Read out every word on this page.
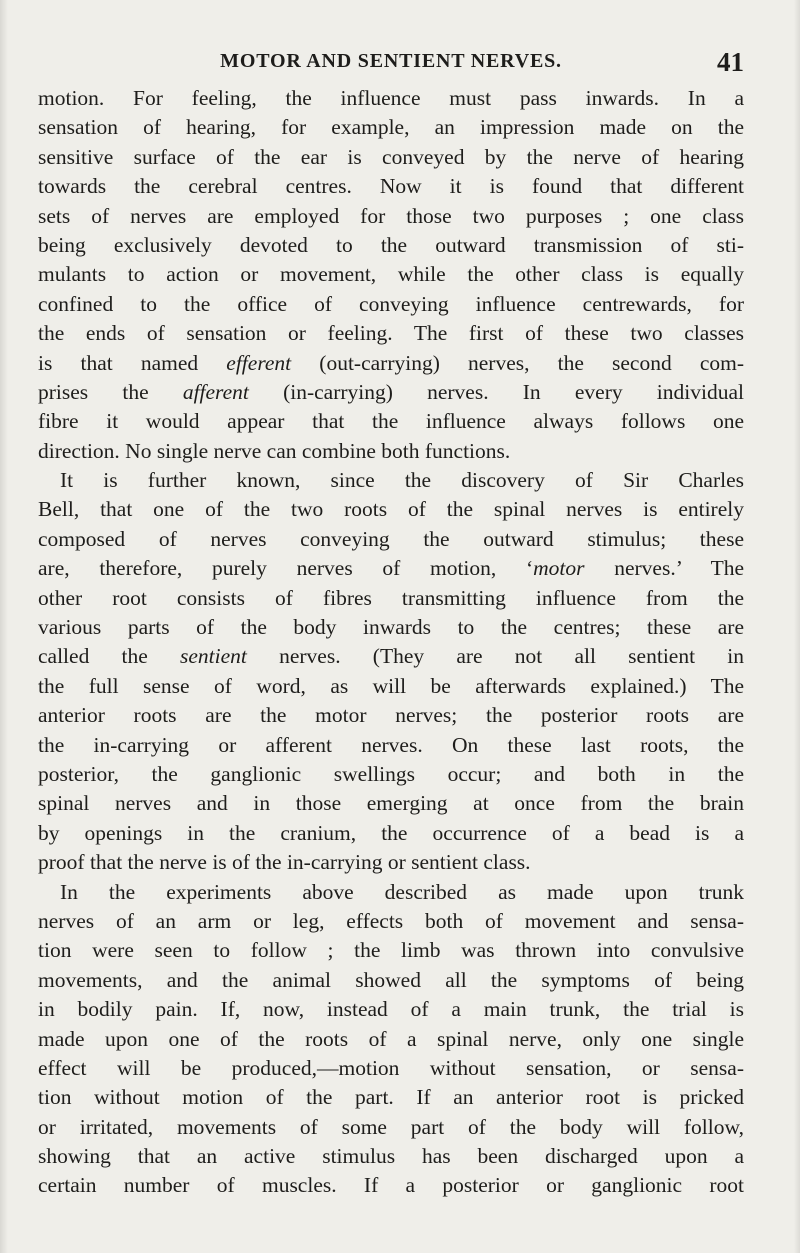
MOTOR AND SENTIENT NERVES.	41
motion. For feeling, the influence must pass inwards. In a
sensation of hearing, for example, an impression made on the
sensitive surface of the ear is conveyed by the nerve of hearing
towards the cerebral centres. Now it is found that different
sets of nerves are employed for those two purposes ; one class
being exclusively devoted to the outward transmission of sti-
mulants to action or movement, while the other class is equally
confined to the office of conveying influence centrewards, for
the ends of sensation or feeling. The first of these two classes
is that named efferent (out-carrying) nerves, the second com-
prises the afferent (in-carrying) nerves. In every individual
fibre it would appear that the influence always follows one
direction. No single nerve can combine both functions.
It is further known, since the discovery of Sir Charles
Bell, that one of the two roots of the spinal nerves is entirely
composed of nerves conveying the outward stimulus; these
are, therefore, purely nerves of motion, ‘motor nerves.’ The
other root consists of fibres transmitting influence from the
various parts of the body inwards to the centres; these are
called the sentient nerves. (They are not all sentient in
the full sense of word, as will be afterwards explained.) The
anterior roots are the motor nerves; the posterior roots are
the in-carrying or afferent nerves. On these last roots, the
posterior, the ganglionic swellings occur; and both in the
spinal nerves and in those emerging at once from the brain
by openings in the cranium, the occurrence of a bead is a
proof that the nerve is of the in-carrying or sentient class.
In the experiments above described as made upon trunk
nerves of an arm or leg, effects both of movement and sensa-
tion were seen to follow ; the limb was thrown into convulsive
movements, and the animal showed all the symptoms of being
in bodily pain. If, now, instead of a main trunk, the trial is
made upon one of the roots of a spinal nerve, only one single
effect will be produced,—motion without sensation, or sensa-
tion without motion of the part. If an anterior root is pricked
or irritated, movements of some part of the body will follow,
showing that an active stimulus has been discharged upon a
certain number of muscles. If a posterior or ganglionic root
